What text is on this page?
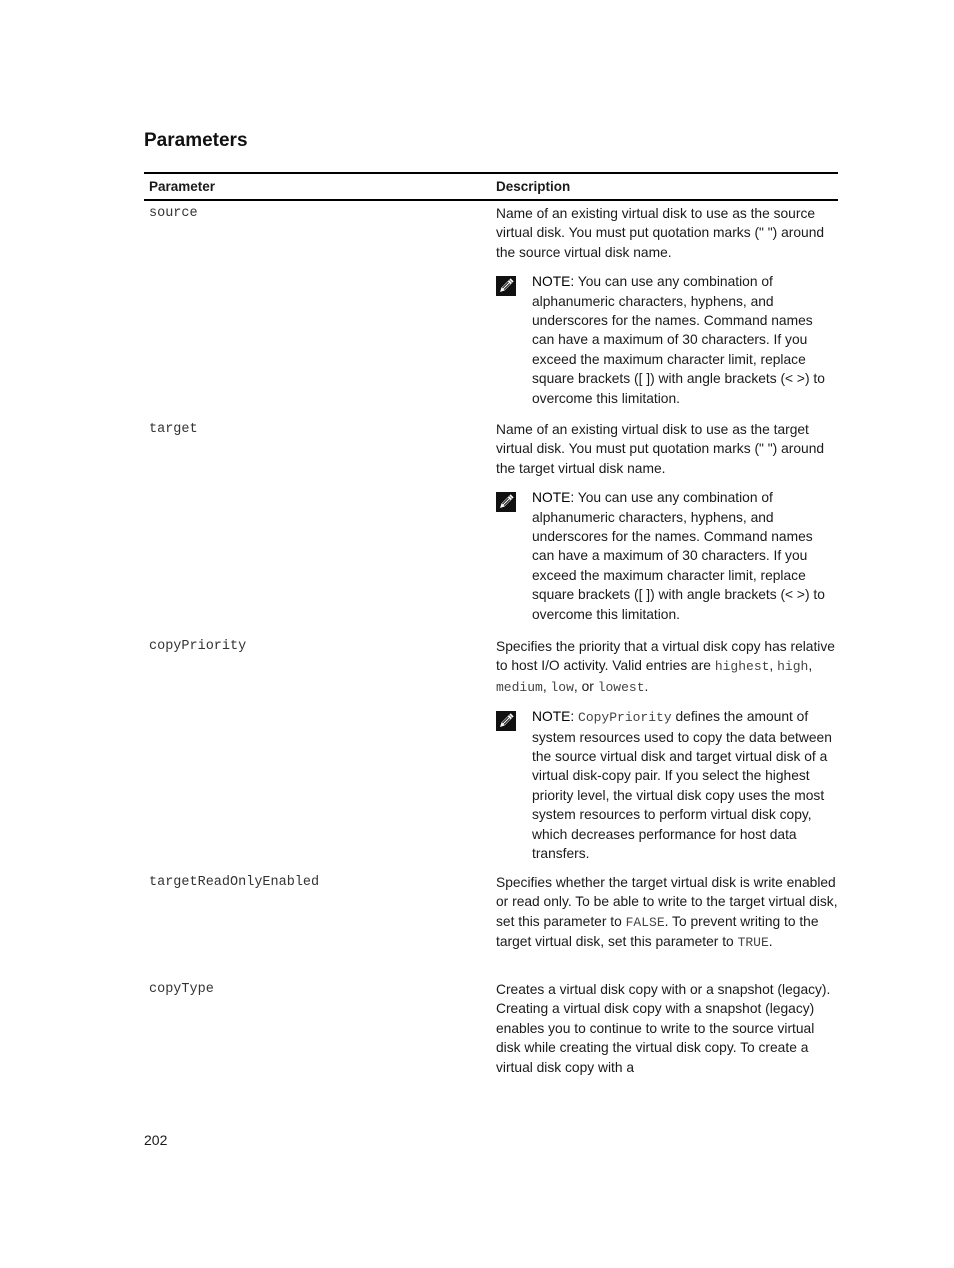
Parameters
Parameter	Description
source	Name of an existing virtual disk to use as the source virtual disk. You must put quotation marks (" ") around the source virtual disk name.

NOTE: You can use any combination of alphanumeric characters, hyphens, and underscores for the names. Command names can have a maximum of 30 characters. If you exceed the maximum character limit, replace square brackets ([ ]) with angle brackets (< >) to overcome this limitation.
target	Name of an existing virtual disk to use as the target virtual disk. You must put quotation marks (" ") around the target virtual disk name.

NOTE: You can use any combination of alphanumeric characters, hyphens, and underscores for the names. Command names can have a maximum of 30 characters. If you exceed the maximum character limit, replace square brackets ([ ]) with angle brackets (< >) to overcome this limitation.
copyPriority	Specifies the priority that a virtual disk copy has relative to host I/O activity. Valid entries are highest, high, medium, low, or lowest.

NOTE: CopyPriority defines the amount of system resources used to copy the data between the source virtual disk and target virtual disk of a virtual disk-copy pair. If you select the highest priority level, the virtual disk copy uses the most system resources to perform virtual disk copy, which decreases performance for host data transfers.
targetReadOnlyEnabled	Specifies whether the target virtual disk is write enabled or read only. To be able to write to the target virtual disk, set this parameter to FALSE. To prevent writing to the target virtual disk, set this parameter to TRUE.

copyType	Creates a virtual disk copy with or a snapshot (legacy). Creating a virtual disk copy with a snapshot (legacy) enables you to continue to write to the source virtual disk while creating the virtual disk copy. To create a virtual disk copy with a

202
